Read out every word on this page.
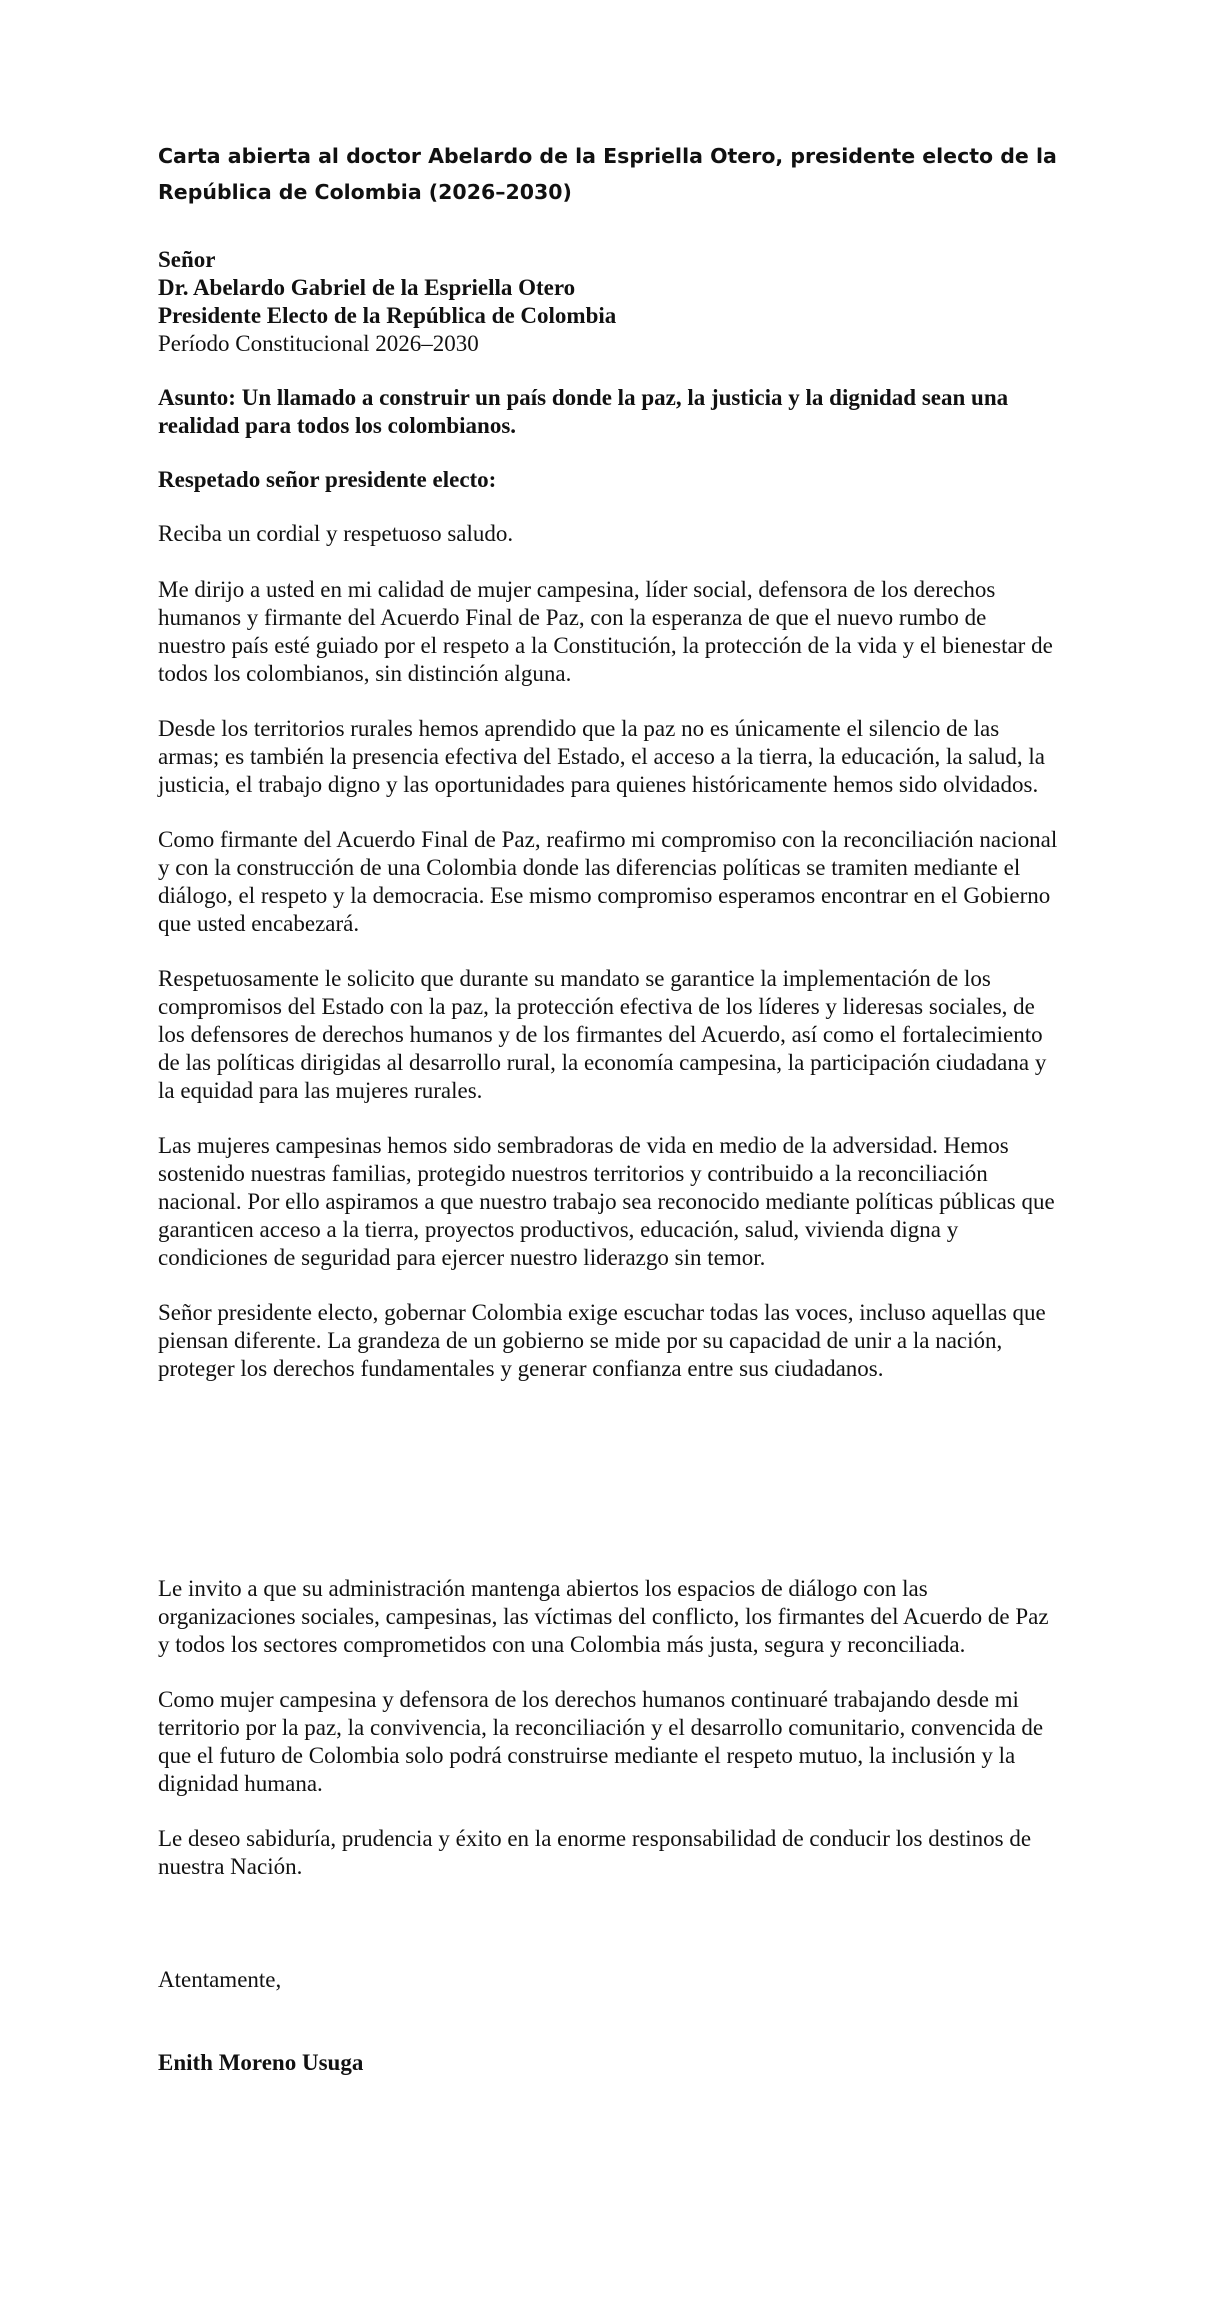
Carta abierta al doctor Abelardo de la Espriella Otero, presidente electo de la República de Colombia (2026–2030)

Señor

Dr. Abelardo Gabriel de la Espriella Otero

Presidente Electo de la República de Colombia

Período Constitucional 2026–2030

Asunto: Un llamado a construir un país donde la paz, la justicia y la dignidad sean una realidad para todos los colombianos.

Respetado señor presidente electo:

Reciba un cordial y respetuoso saludo.

Me dirijo a usted en mi calidad de mujer campesina, líder social, defensora de los derechos humanos y firmante del Acuerdo Final de Paz, con la esperanza de que el nuevo rumbo de nuestro país esté guiado por el respeto a la Constitución, la protección de la vida y el bienestar de todos los colombianos, sin distinción alguna.

Desde los territorios rurales hemos aprendido que la paz no es únicamente el silencio de las armas; es también la presencia efectiva del Estado, el acceso a la tierra, la educación, la salud, la justicia, el trabajo digno y las oportunidades para quienes históricamente hemos sido olvidados.

Como firmante del Acuerdo Final de Paz, reafirmo mi compromiso con la reconciliación nacional y con la construcción de una Colombia donde las diferencias políticas se tramiten mediante el diálogo, el respeto y la democracia. Ese mismo compromiso esperamos encontrar en el Gobierno que usted encabezará.

Respetuosamente le solicito que durante su mandato se garantice la implementación de los compromisos del Estado con la paz, la protección efectiva de los líderes y lideresas sociales, de los defensores de derechos humanos y de los firmantes del Acuerdo, así como el fortalecimiento de las políticas dirigidas al desarrollo rural, la economía campesina, la participación ciudadana y la equidad para las mujeres rurales.

Las mujeres campesinas hemos sido sembradoras de vida en medio de la adversidad. Hemos sostenido nuestras familias, protegido nuestros territorios y contribuido a la reconciliación nacional. Por ello aspiramos a que nuestro trabajo sea reconocido mediante políticas públicas que garanticen acceso a la tierra, proyectos productivos, educación, salud, vivienda digna y condiciones de seguridad para ejercer nuestro liderazgo sin temor.

Señor presidente electo, gobernar Colombia exige escuchar todas las voces, incluso aquellas que piensan diferente. La grandeza de un gobierno se mide por su capacidad de unir a la nación, proteger los derechos fundamentales y generar confianza entre sus ciudadanos.

Le invito a que su administración mantenga abiertos los espacios de diálogo con las organizaciones sociales, campesinas, las víctimas del conflicto, los firmantes del Acuerdo de Paz y todos los sectores comprometidos con una Colombia más justa, segura y reconciliada.

Como mujer campesina y defensora de los derechos humanos continuaré trabajando desde mi territorio por la paz, la convivencia, la reconciliación y el desarrollo comunitario, convencida de que el futuro de Colombia solo podrá construirse mediante el respeto mutuo, la inclusión y la dignidad humana.

Le deseo sabiduría, prudencia y éxito en la enorme responsabilidad de conducir los destinos de nuestra Nación.

Atentamente,

Enith Moreno Usuga
